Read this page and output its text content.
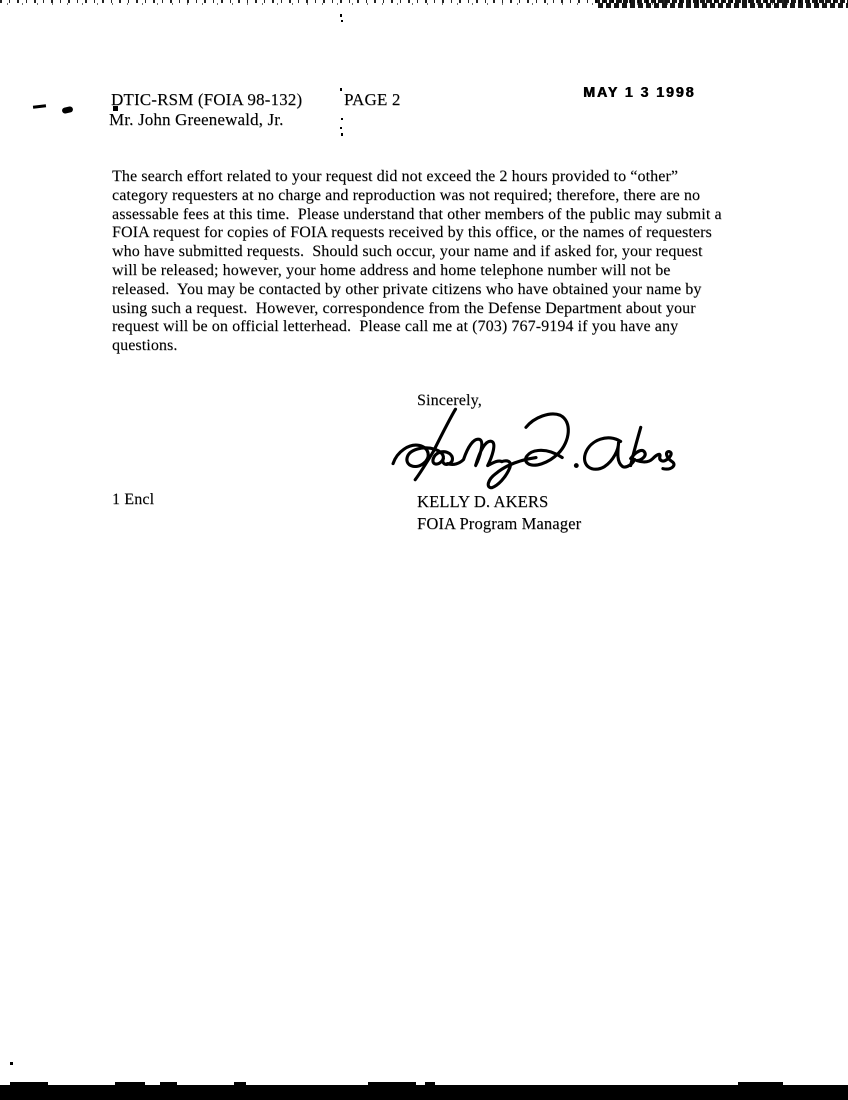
DTIC-RSM (FOIA 98-132) PAGE 2	MAY 1 3 1998
Mr. John Greenewald, Jr.
The search effort related to your request did not exceed the 2 hours provided to “other”
category requesters at no charge and reproduction was not required; therefore, there are no
assessable fees at this time.  Please understand that other members of the public may submit a
FOIA request for copies of FOIA requests received by this office, or the names of requesters
who have submitted requests.  Should such occur, your name and if asked for, your request
will be released; however, your home address and home telephone number will not be
released.  You may be contacted by other private citizens who have obtained your name by
using such a request.  However, correspondence from the Defense Department about your
request will be on official letterhead.  Please call me at (703) 767-9194 if you have any
questions.
Sincerely,
1 Encl	KELLY D. AKERS
FOIA Program Manager
